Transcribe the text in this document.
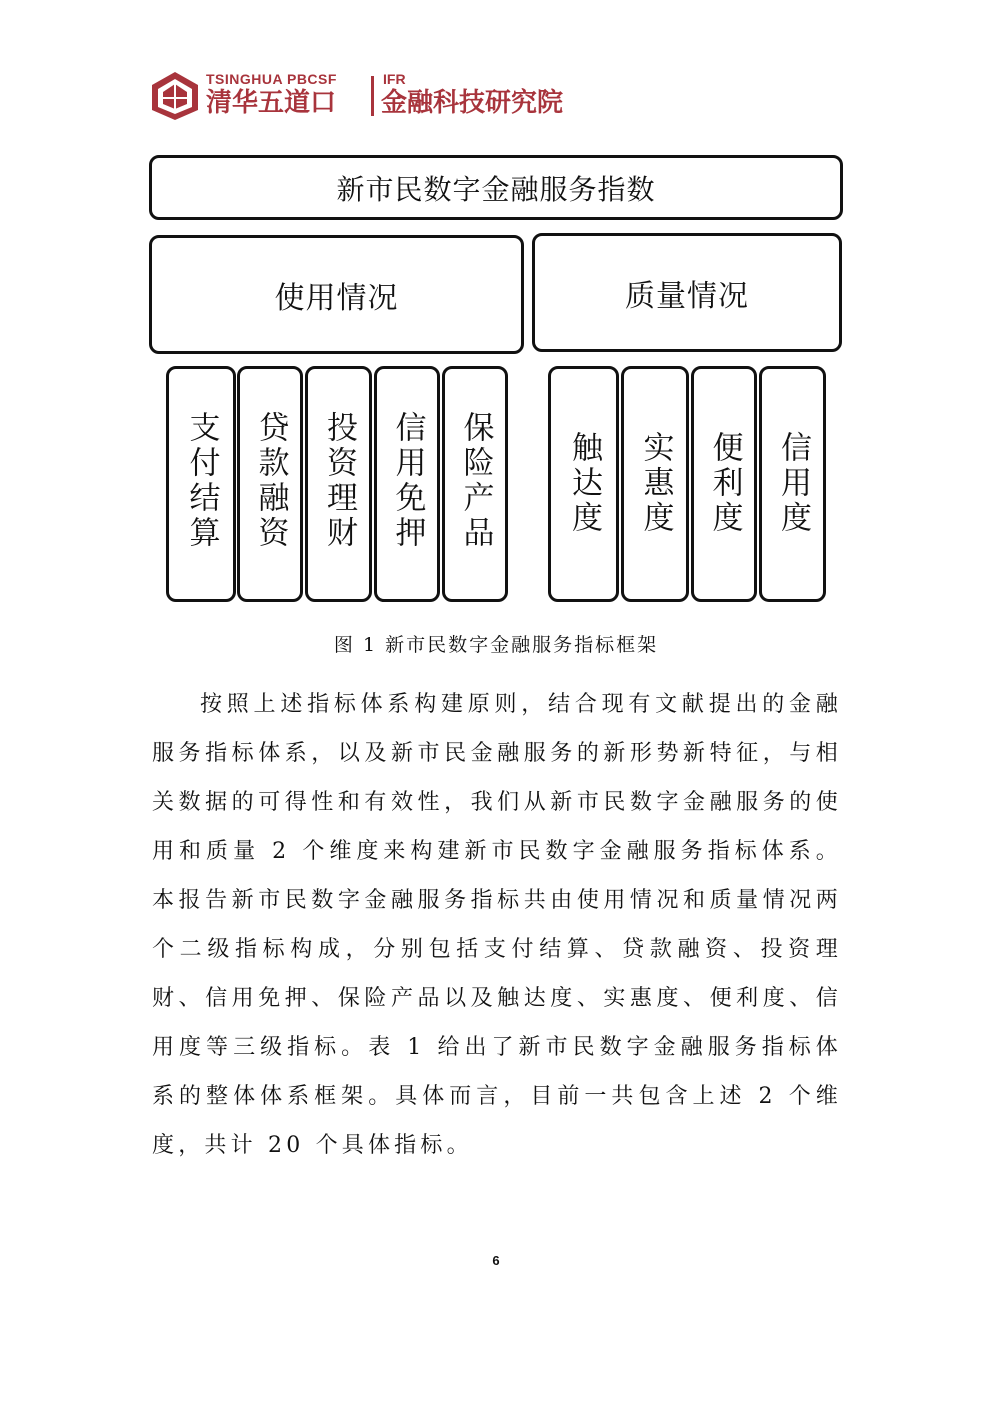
TSINGHUA PBCSF
清华五道口
IFR
金融科技研究院
新市民数字金融服务指数
使用情况	质量情况
支付结算 贷款融资 投资理财 信用免押 保险产品 触达度 实惠度 便利度 信用度
图 1 新市民数字金融服务指标框架

按照上述指标体系构建原则，结合现有文献提出的金融服务指标体系，以及新市民金融服务的新形势新特征，与相关数据的可得性和有效性，我们从新市民数字金融服务的使用和质量 2 个维度来构建新市民数字金融服务指标体系。本报告新市民数字金融服务指标共由使用情况和质量情况两个二级指标构成，分别包括支付结算、贷款融资、投资理财、信用免押、保险产品以及触达度、实惠度、便利度、信用度等三级指标。表 1 给出了新市民数字金融服务指标体系的整体体系框架。具体而言，目前一共包含上述 2 个维度，共计 20 个具体指标。

6
